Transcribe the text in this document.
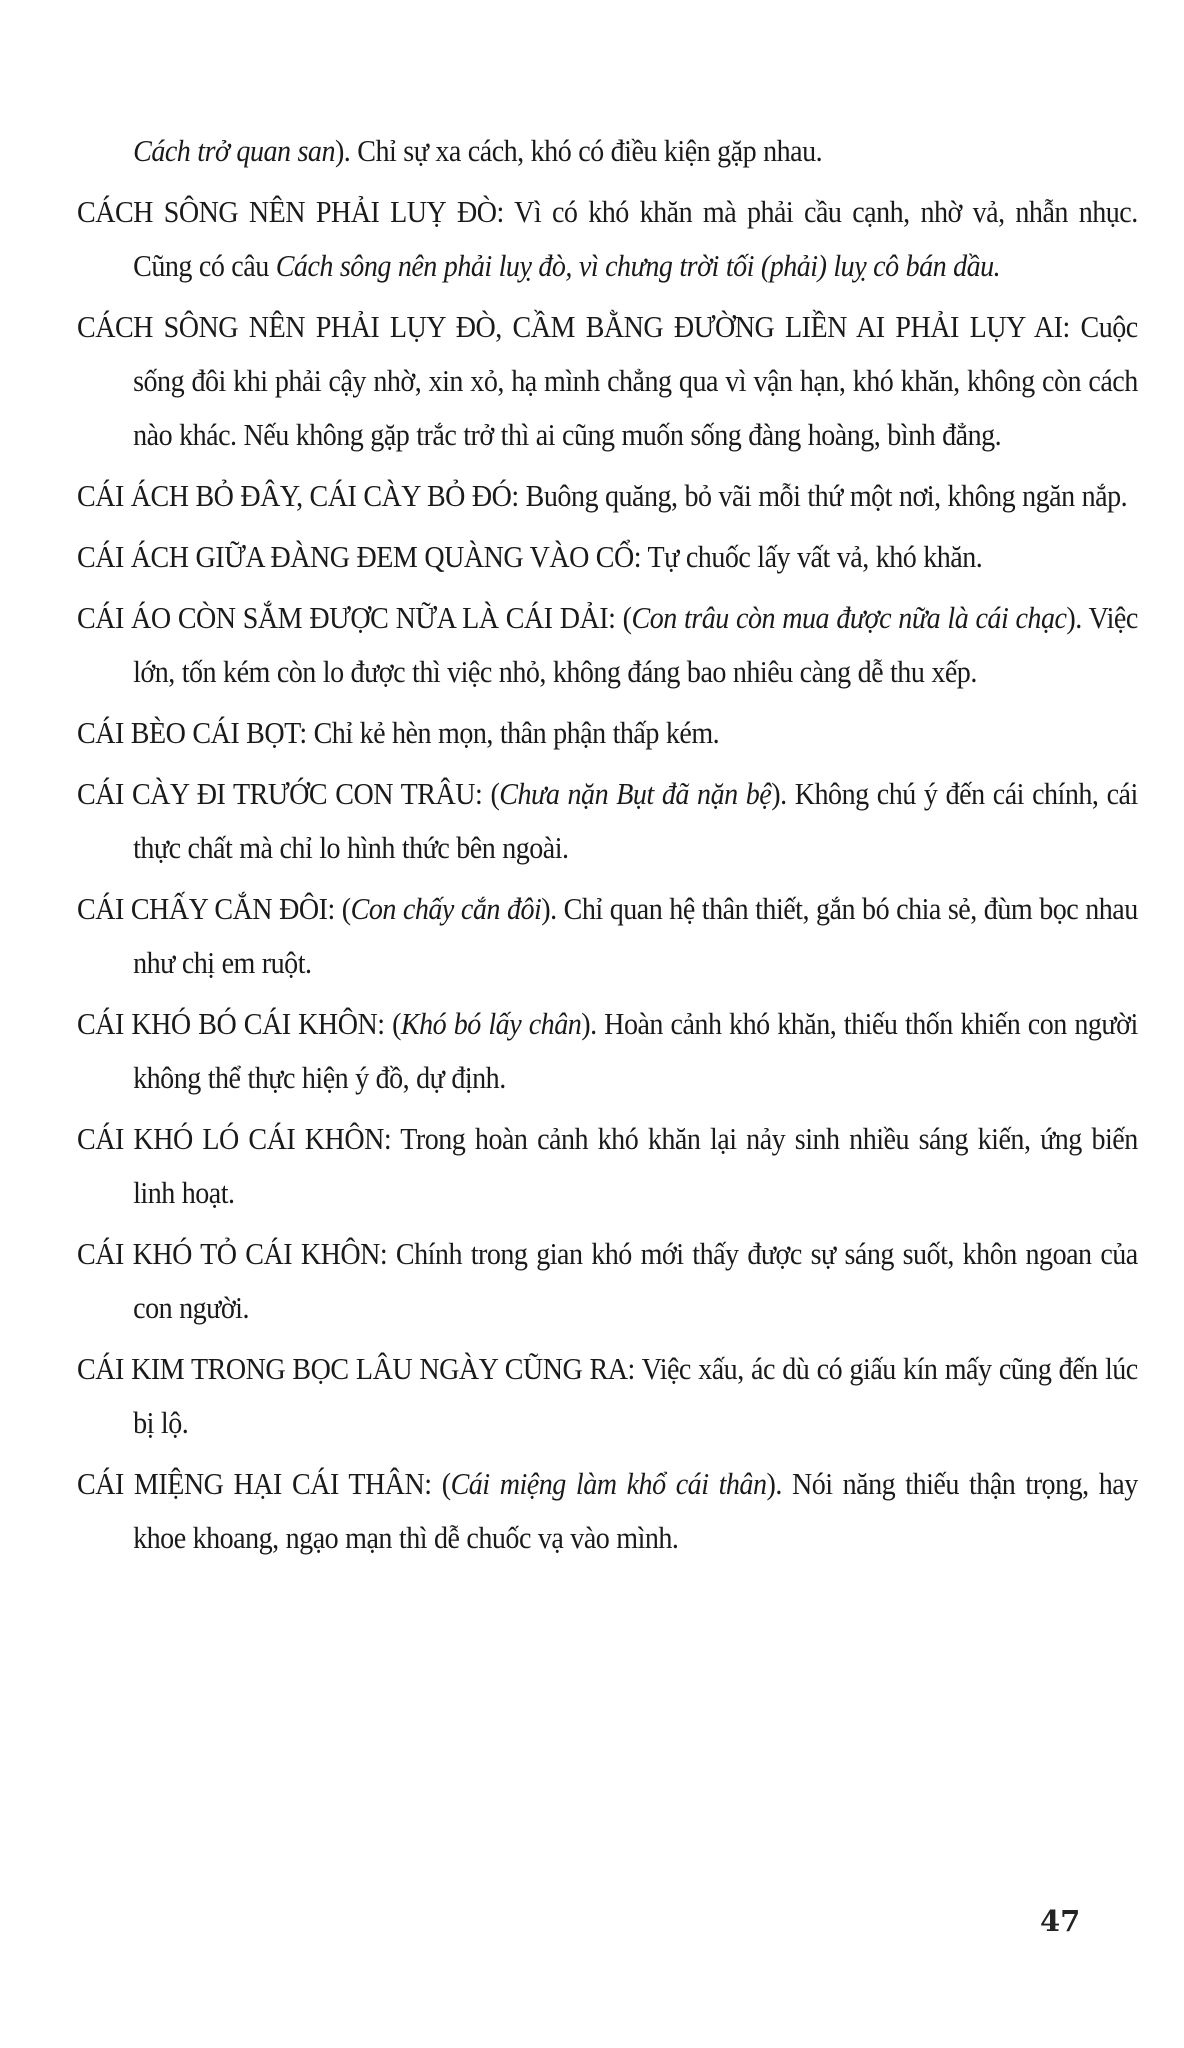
Cách trở quan san). Chỉ sự xa cách, khó có điều kiện gặp nhau.

CÁCH SÔNG NÊN PHẢI LUỴ ĐÒ: Vì có khó khăn mà phải cầu cạnh, nhờ vả, nhẫn nhục. Cũng có câu Cách sông nên phải luỵ đò, vì chưng trời tối (phải) luỵ cô bán dầu.

CÁCH SÔNG NÊN PHẢI LỤY ĐÒ, CẦM BẰNG ĐƯỜNG LIỀN AI PHẢI LỤY AI: Cuộc sống đôi khi phải cậy nhờ, xin xỏ, hạ mình chẳng qua vì vận hạn, khó khăn, không còn cách nào khác. Nếu không gặp trắc trở thì ai cũng muốn sống đàng hoàng, bình đẳng.

CÁI ÁCH BỎ ĐÂY, CÁI CÀY BỎ ĐÓ: Buông quăng, bỏ vãi mỗi thứ một nơi, không ngăn nắp.

CÁI ÁCH GIỮA ĐÀNG ĐEM QUÀNG VÀO CỔ: Tự chuốc lấy vất vả, khó khăn.

CÁI ÁO CÒN SẮM ĐƯỢC NỮA LÀ CÁI DẢI: (Con trâu còn mua được nữa là cái chạc). Việc lớn, tốn kém còn lo được thì việc nhỏ, không đáng bao nhiêu càng dễ thu xếp.

CÁI BÈO CÁI BỌT: Chỉ kẻ hèn mọn, thân phận thấp kém.

CÁI CÀY ĐI TRƯỚC CON TRÂU: (Chưa nặn Bụt đã nặn bệ). Không chú ý đến cái chính, cái thực chất mà chỉ lo hình thức bên ngoài.

CÁI CHẤY CẮN ĐÔI: (Con chấy cắn đôi). Chỉ quan hệ thân thiết, gắn bó chia sẻ, đùm bọc nhau như chị em ruột.

CÁI KHÓ BÓ CÁI KHÔN: (Khó bó lấy chân). Hoàn cảnh khó khăn, thiếu thốn khiến con người không thể thực hiện ý đồ, dự định.

CÁI KHÓ LÓ CÁI KHÔN: Trong hoàn cảnh khó khăn lại nảy sinh nhiều sáng kiến, ứng biến linh hoạt.

CÁI KHÓ TỎ CÁI KHÔN: Chính trong gian khó mới thấy được sự sáng suốt, khôn ngoan của con người.

CÁI KIM TRONG BỌC LÂU NGÀY CŨNG RA: Việc xấu, ác dù có giấu kín mấy cũng đến lúc bị lộ.

CÁI MIỆNG HẠI CÁI THÂN: (Cái miệng làm khổ cái thân). Nói năng thiếu thận trọng, hay khoe khoang, ngạo mạn thì dễ chuốc vạ vào mình.

47
